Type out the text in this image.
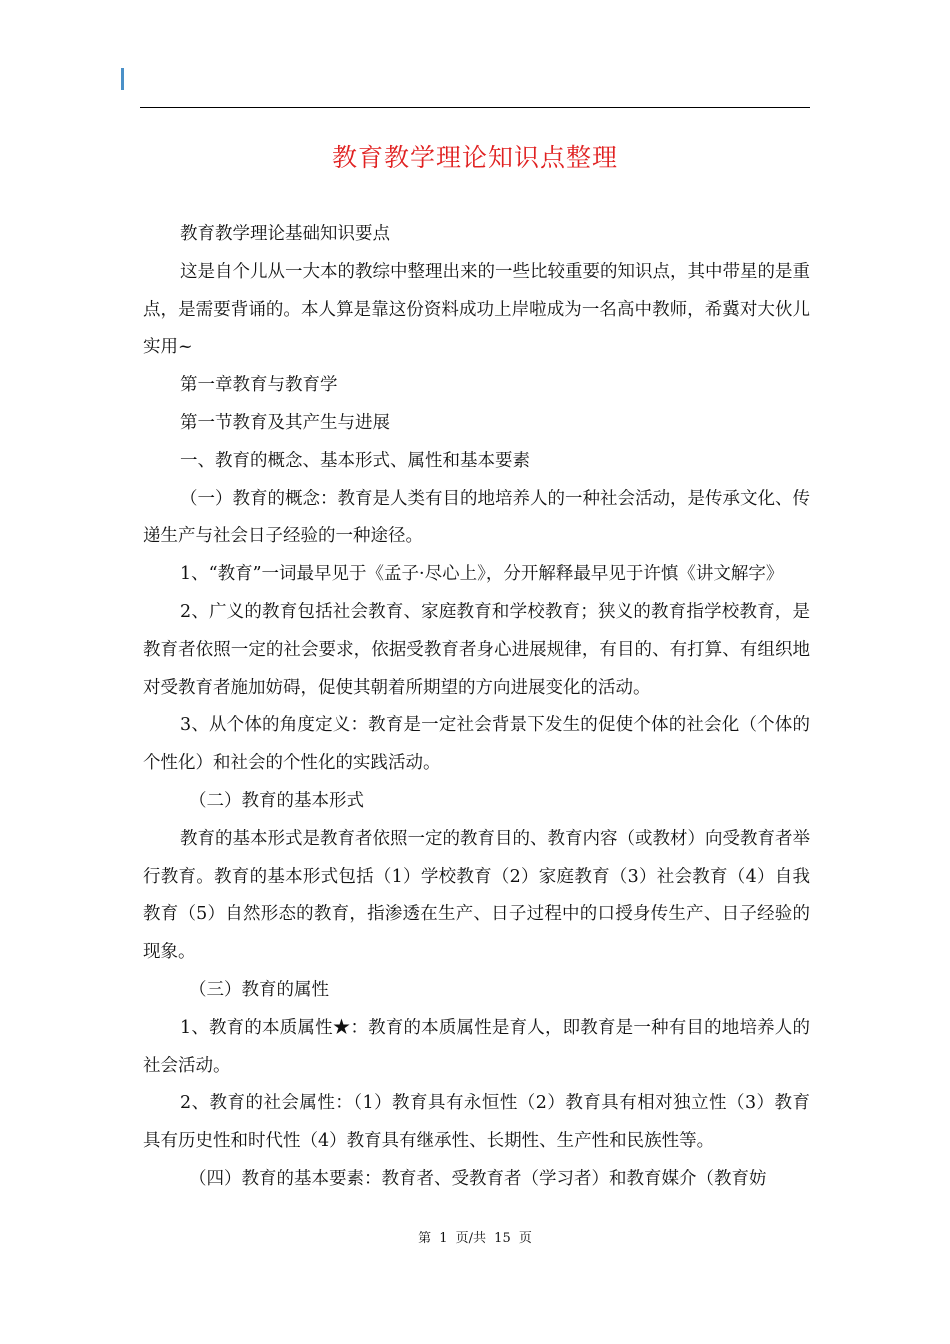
教育教学理论知识点整理

教育教学理论基础知识要点

这是自个儿从一大本的教综中整理出来的一些比较重要的知识点，其中带星的是重点，是需要背诵的。本人算是靠这份资料成功上岸啦成为一名高中教师，希冀对大伙儿实用~

第一章教育与教育学

第一节教育及其产生与进展

一、教育的概念、基本形式、属性和基本要素

（一）教育的概念：教育是人类有目的地培养人的一种社会活动，是传承文化、传递生产与社会日子经验的一种途径。

1、“教育”一词最早见于《孟子·尽心上》，分开解释最早见于许慎《讲文解字》

2、广义的教育包括社会教育、家庭教育和学校教育；狭义的教育指学校教育，是教育者依照一定的社会要求，依据受教育者身心进展规律，有目的、有打算、有组织地对受教育者施加妨碍，促使其朝着所期望的方向进展变化的活动。

3、从个体的角度定义：教育是一定社会背景下发生的促使个体的社会化（个体的个性化）和社会的个性化的实践活动。

（二）教育的基本形式

教育的基本形式是教育者依照一定的教育目的、教育内容（或教材）向受教育者举行教育。教育的基本形式包括（1）学校教育（2）家庭教育（3）社会教育（4）自我教育（5）自然形态的教育，指渗透在生产、日子过程中的口授身传生产、日子经验的现象。

（三）教育的属性

1、教育的本质属性★：教育的本质属性是育人，即教育是一种有目的地培养人的社会活动。

2、教育的社会属性：（1）教育具有永恒性（2）教育具有相对独立性（3）教育具有历史性和时代性（4）教育具有继承性、长期性、生产性和民族性等。

（四）教育的基本要素：教育者、受教育者（学习者）和教育媒介（教育妨

第 1 页/共 15 页
